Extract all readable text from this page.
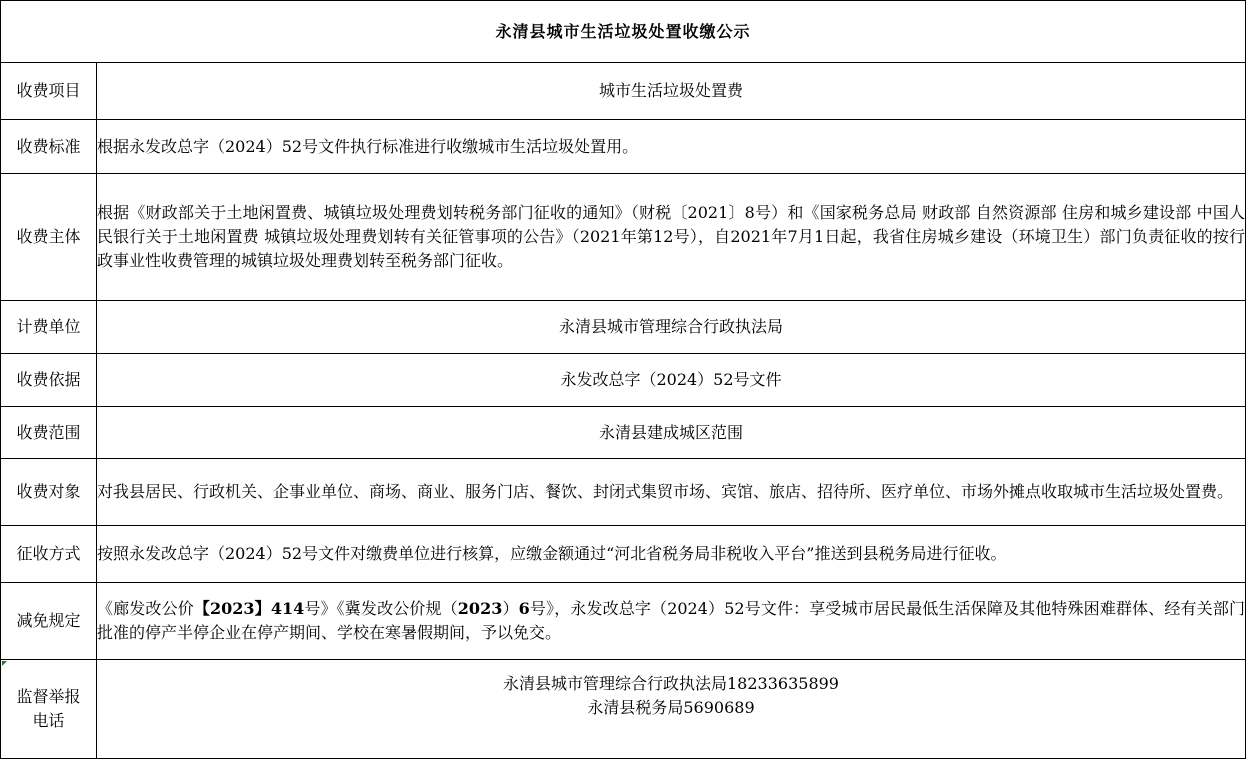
永清县城市生活垃圾处置收缴公示	
收费项目	城市生活垃圾处置费
收费标准	根据永发改总字（2024）52号文件执行标准进行收缴城市生活垃圾处置用。
收费主体	根据《财政部关于土地闲置费、城镇垃圾处理费划转税务部门征收的通知》（财税〔2021〕8号）和《国家税务总局 财政部 自然资源部 住房和城乡建设部 中国人民银行关于土地闲置费 城镇垃圾处理费划转有关征管事项的公告》（2021年第12号），自2021年7月1日起，我省住房城乡建设（环境卫生）部门负责征收的按行政事业性收费管理的城镇垃圾处理费划转至税务部门征收。
计费单位	永清县城市管理综合行政执法局
收费依据	永发改总字（2024）52号文件
收费范围	永清县建成城区范围
收费对象	对我县居民、行政机关、企事业单位、商场、商业、服务门店、餐饮、封闭式集贸市场、宾馆、旅店、招待所、医疗单位、市场外摊点收取城市生活垃圾处置费。
征收方式	按照永发改总字（2024）52号文件对缴费单位进行核算，应缴金额通过“河北省税务局非税收入平台”推送到县税务局进行征收。
减免规定	《廊发改公价【2023】414号》《冀发改公价规（2023）6号》，永发改总字（2024）52号文件：享受城市居民最低生活保障及其他特殊困难群体、经有关部门批准的停产半停企业在停产期间、学校在寒暑假期间，予以免交。

监督举报
电话	永清县城市管理综合行政执法局18233635899
永清县税务局5690689
